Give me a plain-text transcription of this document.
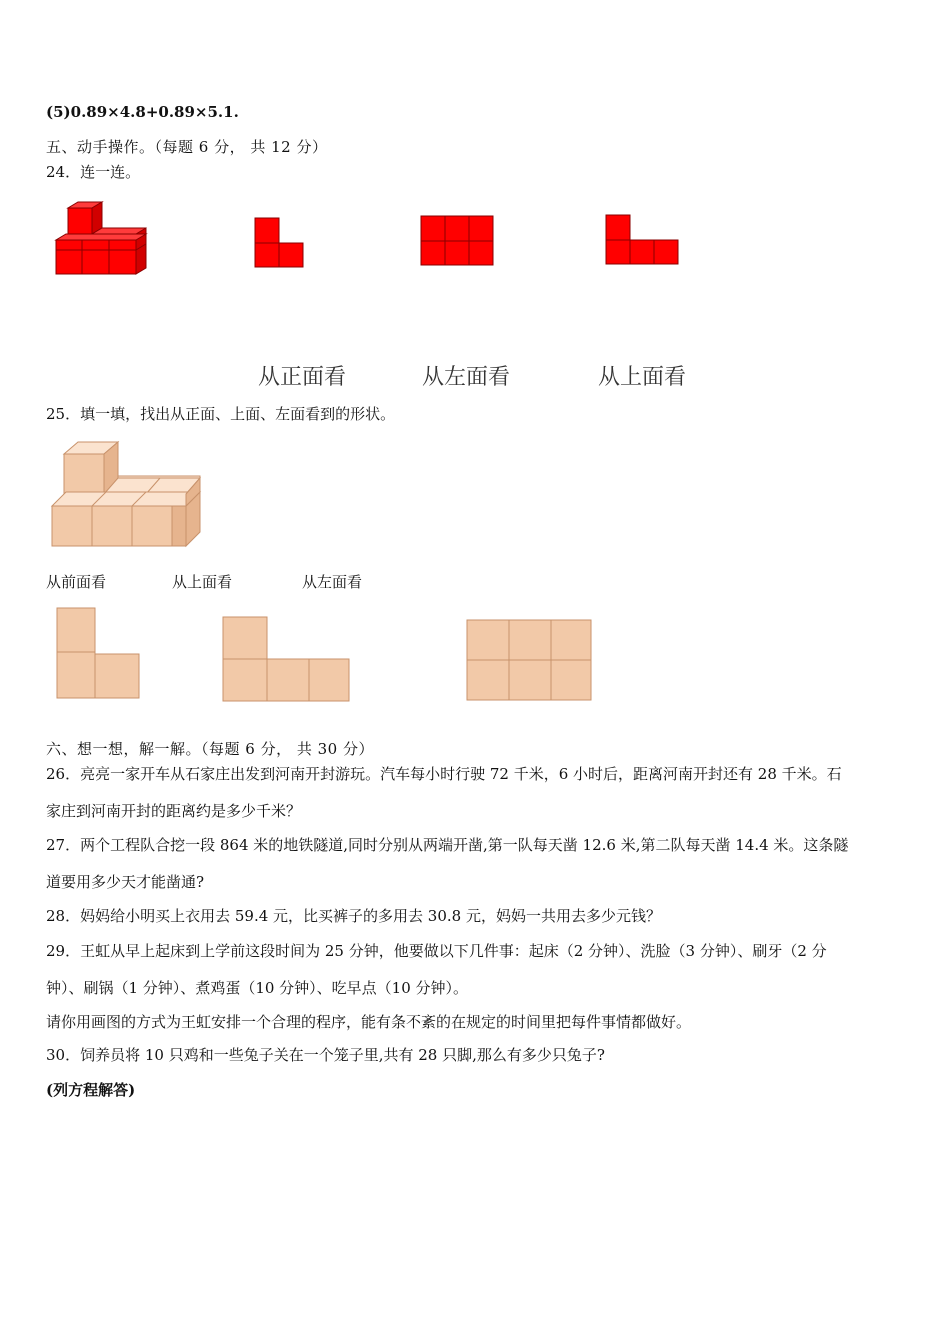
(5)0.89×4.8+0.89×5.1.
五、动手操作。（每题 6 分， 共 12 分）
24．连一连。
从正面看	从左面看	从上面看
25．填一填，找出从正面、上面、左面看到的形状。
从前面看	从上面看	从左面看
六、想一想，解一解。（每题 6 分， 共 30 分）
26．亮亮一家开车从石家庄出发到河南开封游玩。汽车每小时行驶 72 千米，6 小时后，距离河南开封还有 28 千米。石
家庄到河南开封的距离约是多少千米？
27．两个工程队合挖一段 864 米的地铁隧道,同时分别从两端开凿,第一队每天凿 12.6 米,第二队每天凿 14.4 米。这条隧
道要用多少天才能凿通?
28．妈妈给小明买上衣用去 59.4 元，比买裤子的多用去 30.8 元，妈妈一共用去多少元钱？
29．王虹从早上起床到上学前这段时间为 25 分钟，他要做以下几件事：起床（2 分钟）、洗脸（3 分钟）、刷牙（2 分
钟）、刷锅（1 分钟）、煮鸡蛋（10 分钟）、吃早点（10 分钟）。
请你用画图的方式为王虹安排一个合理的程序，能有条不紊的在规定的时间里把每件事情都做好。
30．饲养员将 10 只鸡和一些兔子关在一个笼子里,共有 28 只脚,那么有多少只兔子?
(列方程解答)
